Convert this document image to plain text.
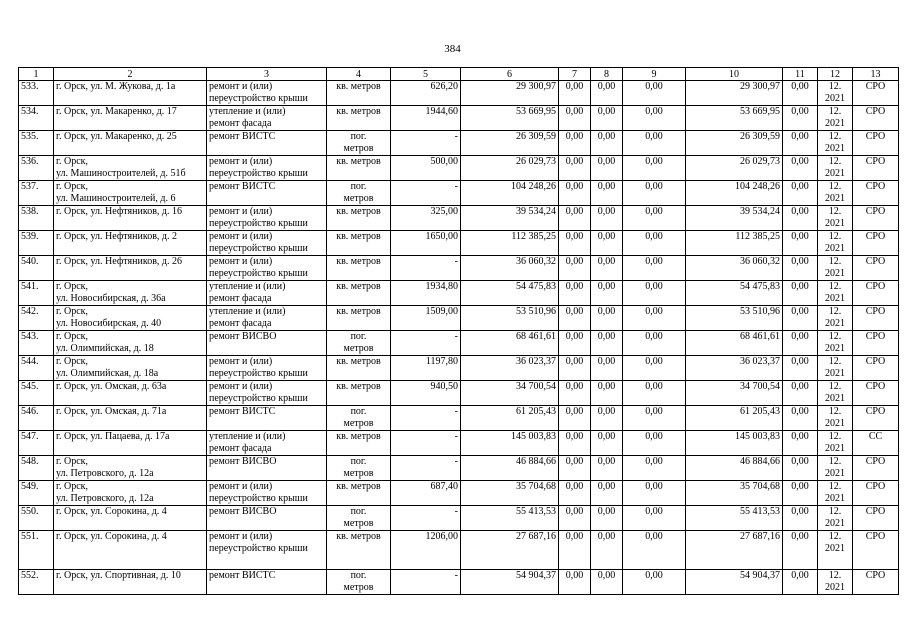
384
1	2	3	4	5	6	7	8	9	10	11	12	13
533.	г. Орск, ул. М. Жукова, д. 1а	ремонт и (или)
переустройство крыши	кв. метров	626,20	29 300,97	0,00	0,00	0,00	29 300,97	0,00	12.
2021	СРО
534.	г. Орск, ул. Макаренко, д. 17	утепление и (или)
ремонт фасада	кв. метров	1944,60	53 669,95	0,00	0,00	0,00	53 669,95	0,00	12.
2021	СРО
535.	г. Орск, ул. Макаренко, д. 25	ремонт ВИСТС	пог.
метров	-	26 309,59	0,00	0,00	0,00	26 309,59	0,00	12.
2021	СРО
536.	г. Орск,
ул. Машиностроителей, д. 51б	ремонт и (или)
переустройство крыши	кв. метров	500,00	26 029,73	0,00	0,00	0,00	26 029,73	0,00	12.
2021	СРО
537.	г. Орск,
ул. Машиностроителей, д. 6	ремонт ВИСТС	пог.
метров	-	104 248,26	0,00	0,00	0,00	104 248,26	0,00	12.
2021	СРО
538.	г. Орск, ул. Нефтяников, д. 16	ремонт и (или)
переустройство крыши	кв. метров	325,00	39 534,24	0,00	0,00	0,00	39 534,24	0,00	12.
2021	СРО
539.	г. Орск, ул. Нефтяников, д. 2	ремонт и (или)
переустройство крыши	кв. метров	1650,00	112 385,25	0,00	0,00	0,00	112 385,25	0,00	12.
2021	СРО
540.	г. Орск, ул. Нефтяников, д. 26	ремонт и (или)
переустройство крыши	кв. метров	-	36 060,32	0,00	0,00	0,00	36 060,32	0,00	12.
2021	СРО
541.	г. Орск,
ул. Новосибирская, д. 36а	утепление и (или)
ремонт фасада	кв. метров	1934,80	54 475,83	0,00	0,00	0,00	54 475,83	0,00	12.
2021	СРО
542.	г. Орск,
ул. Новосибирская, д. 40	утепление и (или)
ремонт фасада	кв. метров	1509,00	53 510,96	0,00	0,00	0,00	53 510,96	0,00	12.
2021	СРО
543.	г. Орск,
ул. Олимпийская, д. 18	ремонт ВИСВО	пог.
метров	-	68 461,61	0,00	0,00	0,00	68 461,61	0,00	12.
2021	СРО
544.	г. Орск,
ул. Олимпийская, д. 18а	ремонт и (или)
переустройство крыши	кв. метров	1197,80	36 023,37	0,00	0,00	0,00	36 023,37	0,00	12.
2021	СРО
545.	г. Орск, ул. Омская, д. 63а	ремонт и (или)
переустройство крыши	кв. метров	940,50	34 700,54	0,00	0,00	0,00	34 700,54	0,00	12.
2021	СРО
546.	г. Орск, ул. Омская, д. 71а	ремонт ВИСТС	пог.
метров	-	61 205,43	0,00	0,00	0,00	61 205,43	0,00	12.
2021	СРО
547.	г. Орск, ул. Пацаева, д. 17а	утепление и (или)
ремонт фасада	кв. метров	-	145 003,83	0,00	0,00	0,00	145 003,83	0,00	12.
2021	СС
548.	г. Орск,
ул. Петровского, д. 12а	ремонт ВИСВО	пог.
метров	-	46 884,66	0,00	0,00	0,00	46 884,66	0,00	12.
2021	СРО
549.	г. Орск,
ул. Петровского, д. 12а	ремонт и (или)
переустройство крыши	кв. метров	687,40	35 704,68	0,00	0,00	0,00	35 704,68	0,00	12.
2021	СРО
550.	г. Орск, ул. Сорокина, д. 4	ремонт ВИСВО	пог.
метров	-	55 413,53	0,00	0,00	0,00	55 413,53	0,00	12.
2021	СРО
551.	г. Орск, ул. Сорокина, д. 4	ремонт и (или)
переустройство крыши	кв. метров	1206,00	27 687,16	0,00	0,00	0,00	27 687,16	0,00	12.
2021	СРО
552.	г. Орск, ул. Спортивная, д. 10	ремонт ВИСТС	пог.
метров	-	54 904,37	0,00	0,00	0,00	54 904,37	0,00	12.
2021	СРО
